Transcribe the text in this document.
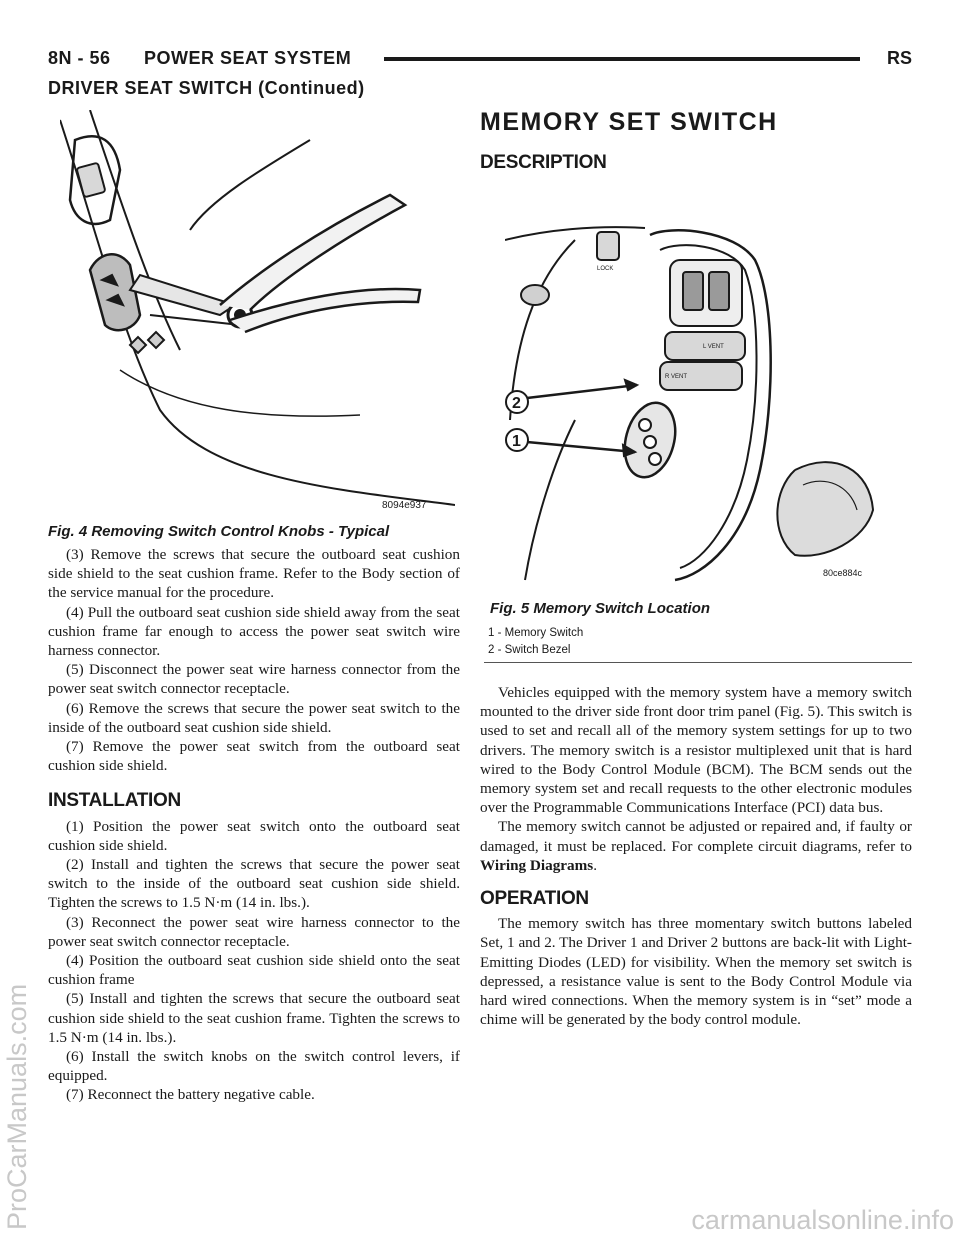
8N - 56 POWER SEAT SYSTEM	RS
DRIVER SEAT SWITCH (Continued)
ProCarManuals.com	carmanualsonline.info
8094e937
Fig. 4 Removing Switch Control Knobs - Typical

(3) Remove the screws that secure the outboard seat cushion side shield to the seat cushion frame. Refer to the Body section of the service manual for the procedure.

(4) Pull the outboard seat cushion side shield away from the seat cushion frame far enough to access the power seat switch wire harness connector.

(5) Disconnect the power seat wire harness connector from the power seat switch connector receptacle.

(6) Remove the screws that secure the power seat switch to the inside of the outboard seat cushion side shield.

(7) Remove the power seat switch from the outboard seat cushion side shield.

INSTALLATION

(1) Position the power seat switch onto the outboard seat cushion side shield.

(2) Install and tighten the screws that secure the power seat switch to the inside of the outboard seat cushion side shield. Tighten the screws to 1.5 N·m (14 in. lbs.).

(3) Reconnect the power seat wire harness connector to the power seat switch connector receptacle.

(4) Position the outboard seat cushion side shield onto the seat cushion frame

(5) Install and tighten the screws that secure the outboard seat cushion side shield to the seat cushion frame. Tighten the screws to 1.5 N·m (14 in. lbs.).

(6) Install the switch knobs on the switch control levers, if equipped.

(7) Reconnect the battery negative cable.

MEMORY SET SWITCH
DESCRIPTION
L VENT
R VENT
LOCK
2
1
80ce884c
Fig. 5 Memory Switch Location
1 - Memory Switch
2 - Switch Bezel

Vehicles equipped with the memory system have a memory switch mounted to the driver side front door trim panel (Fig. 5). This switch is used to set and recall all of the memory system settings for up to two drivers. The memory switch is a resistor multiplexed unit that is hard wired to the Body Control Module (BCM). The BCM sends out the memory system set and recall requests to the other electronic modules over the Programmable Communications Interface (PCI) data bus.

The memory switch cannot be adjusted or repaired and, if faulty or damaged, it must be replaced. For complete circuit diagrams, refer to Wiring Diagrams.

OPERATION

The memory switch has three momentary switch buttons labeled Set, 1 and 2. The Driver 1 and Driver 2 buttons are back-lit with Light-Emitting Diodes (LED) for visibility. When the memory set switch is depressed, a resistance value is sent to the Body Control Module via hard wired connections. When the memory system is in “set” mode a chime will be generated by the body control module.
